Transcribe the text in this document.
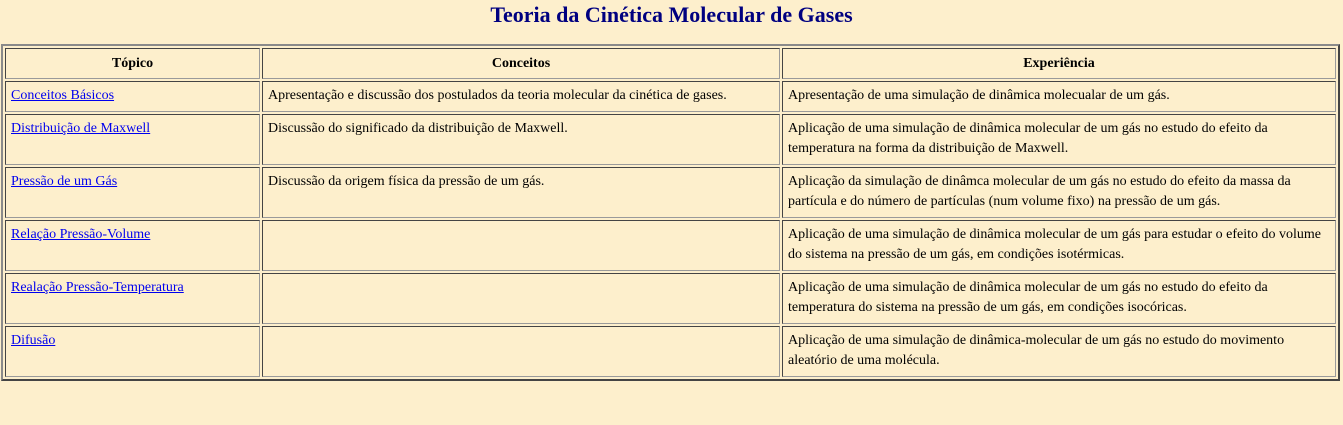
Teoria da Cinética Molecular de Gases
Tópico	Conceitos	Experiência
Conceitos Básicos	Apresentação e discussão dos postulados da teoria molecular da cinética de gases.	Apresentação de uma simulação de dinâmica molecualar de um gás.
Distribuição de Maxwell	Discussão do significado da distribuição de Maxwell.	Aplicação de uma simulação de dinâmica molecular de um gás no estudo do efeito da temperatura na forma da distribuição de Maxwell.
Pressão de um Gás	Discussão da origem física da pressão de um gás.	Aplicação da simulação de dinâmca molecular de um gás no estudo do efeito da massa da partícula e do número de partículas (num volume fixo) na pressão de um gás.
Relação Pressão-Volume		Aplicação de uma simulação de dinâmica molecular de um gás para estudar o efeito do volume do sistema na pressão de um gás, em condições isotérmicas.
Realação Pressão-Temperatura		Aplicação de uma simulação de dinâmica molecular de um gás no estudo do efeito da temperatura do sistema na pressão de um gás, em condições isocóricas.
Difusão		Aplicação de uma simulação de dinâmica-molecular de um gás no estudo do movimento aleatório de uma molécula.
